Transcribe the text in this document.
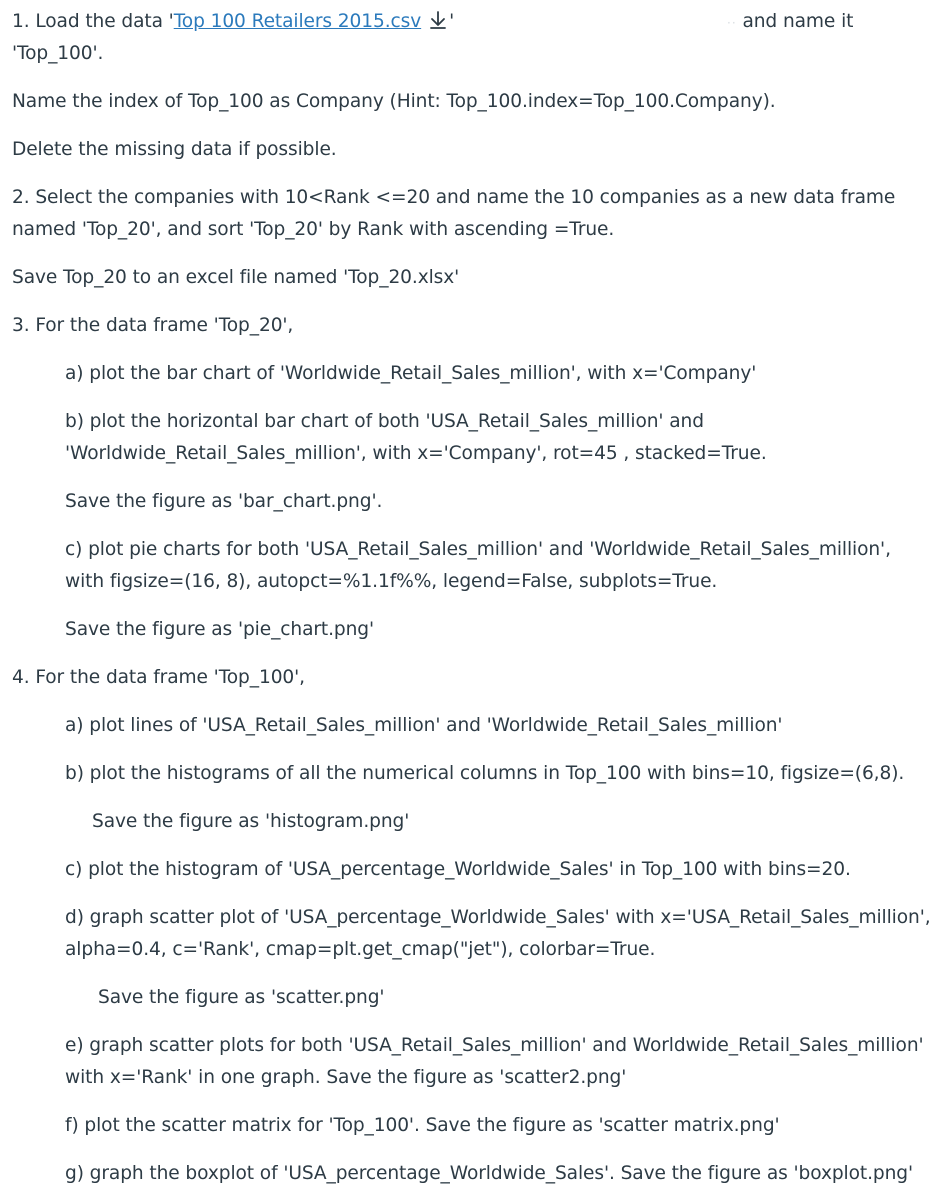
1. Load the data 'Top 100 Retailers 2015.csv '	·· and name it
'Top_100'.
Name the index of Top_100 as Company (Hint: Top_100.index=Top_100.Company).
Delete the missing data if possible.
2. Select the companies with 10<Rank <=20 and name the 10 companies as a new data frame
named 'Top_20', and sort 'Top_20' by Rank with ascending =True.
Save Top_20 to an excel file named 'Top_20.xlsx'
3. For the data frame 'Top_20',
a) plot the bar chart of 'Worldwide_Retail_Sales_million', with x='Company'
b) plot the horizontal bar chart of both 'USA_Retail_Sales_million' and
'Worldwide_Retail_Sales_million', with x='Company', rot=45 , stacked=True.
Save the figure as 'bar_chart.png'.
c) plot pie charts for both 'USA_Retail_Sales_million' and 'Worldwide_Retail_Sales_million',
with figsize=(16, 8), autopct=%1.1f%%, legend=False, subplots=True.
Save the figure as 'pie_chart.png'
4. For the data frame 'Top_100',
a) plot lines of 'USA_Retail_Sales_million' and 'Worldwide_Retail_Sales_million'
b) plot the histograms of all the numerical columns in Top_100 with bins=10, figsize=(6,8).
Save the figure as 'histogram.png'
c) plot the histogram of 'USA_percentage_Worldwide_Sales' in Top_100 with bins=20.
d) graph scatter plot of 'USA_percentage_Worldwide_Sales' with x='USA_Retail_Sales_million',
alpha=0.4, c='Rank', cmap=plt.get_cmap("jet"), colorbar=True.
Save the figure as 'scatter.png'
e) graph scatter plots for both 'USA_Retail_Sales_million' and Worldwide_Retail_Sales_million'
with x='Rank' in one graph. Save the figure as 'scatter2.png'
f) plot the scatter matrix for 'Top_100'. Save the figure as 'scatter matrix.png'
g) graph the boxplot of 'USA_percentage_Worldwide_Sales'. Save the figure as 'boxplot.png'
